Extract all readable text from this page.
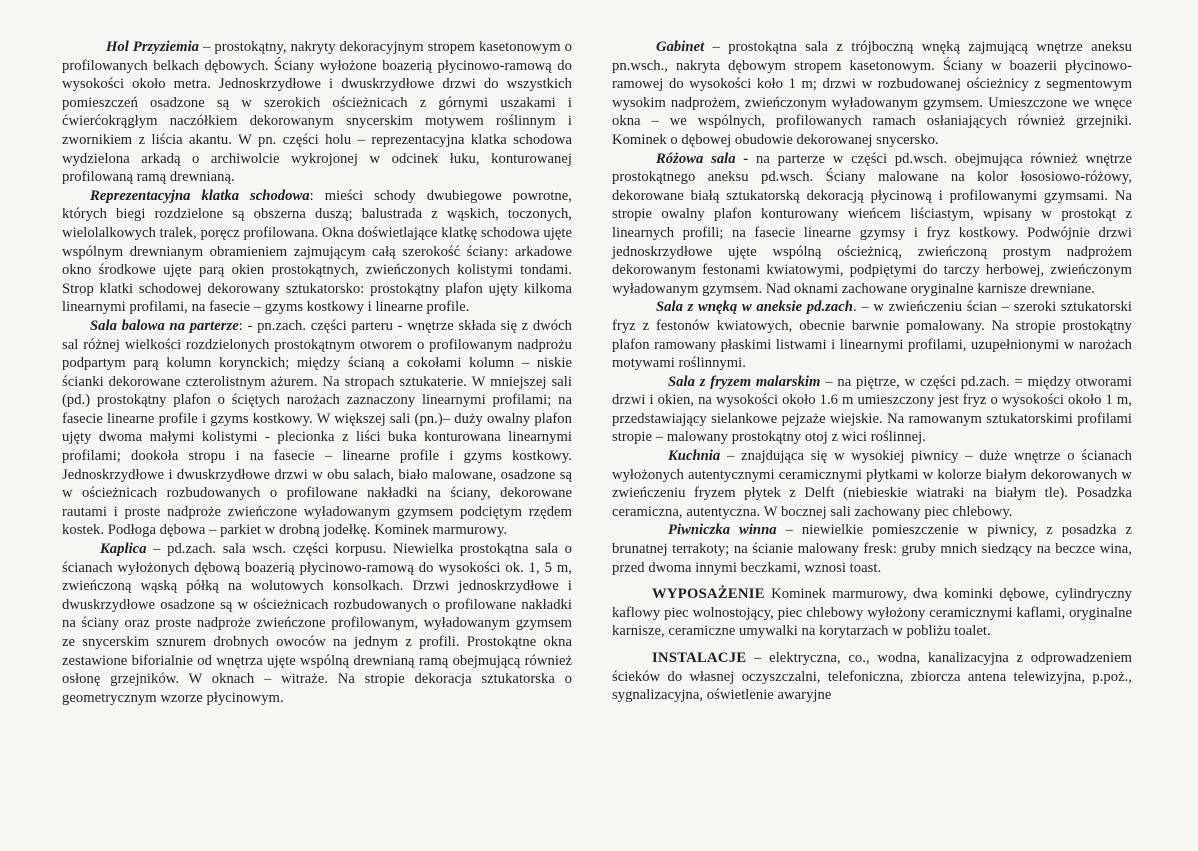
Hol Przyziemia – prostokątny, nakryty dekoracyjnym stropem kasetonowym o profilowanych belkach dębowych. Ściany wyłożone boazerią płycinowo-ramową do wysokości około metra. Jednoskrzydłowe i dwuskrzydłowe drzwi do wszystkich pomieszczeń osadzone są w szerokich ościeżnicach z górnymi uszakami i ćwierćokrągłym naczółkiem dekorowanym snycerskim motywem roślinnym i zwornikiem z liścia akantu. W pn. części holu – reprezentacyjna klatka schodowa wydzielona arkadą o archiwolcie wykrojonej w odcinek łuku, konturowanej profilowaną ramą drewnianą.

Reprezentacyjna klatka schodowa: mieści schody dwubiegowe powrotne, których biegi rozdzielone są obszerna duszą; balustrada z wąskich, toczonych, wielolalkowych tralek, poręcz profilowana. Okna doświetlające klatkę schodowa ujęte wspólnym drewnianym obramieniem zajmującym całą szerokość ściany: arkadowe okno środkowe ujęte parą okien prostokątnych, zwieńczonych kolistymi tondami. Strop klatki schodowej dekorowany sztukatorsko: prostokątny plafon ujęty kilkoma linearnymi profilami, na fasecie – gzyms kostkowy i linearne profile.

Sala balowa na parterze: - pn.zach. części parteru - wnętrze składa się z dwóch sal różnej wielkości rozdzielonych prostokątnym otworem o profilowanym nadprożu podpartym parą kolumn korynckich; między ścianą a cokołami kolumn – niskie ścianki dekorowane czterolistnym ażurem. Na stropach sztukaterie. W mniejszej sali (pd.) prostokątny plafon o ściętych narożach zaznaczony linearnymi profilami; na fasecie linearne profile i gzyms kostkowy. W większej sali (pn.)– duży owalny plafon ujęty dwoma małymi kolistymi - plecionka z liści buka konturowana linearnymi profilami; dookoła stropu i na fasecie – linearne profile i gzyms kostkowy. Jednoskrzydłowe i dwuskrzydłowe drzwi w obu salach, biało malowane, osadzone są w ościeżnicach rozbudowanych o profilowane nakładki na ściany, dekorowane rautami i proste nadproże zwieńczone wyładowanym gzymsem podciętym rzędem kostek. Podłoga dębowa – parkiet w drobną jodełkę. Kominek marmurowy.

Kaplica – pd.zach. sala wsch. części korpusu. Niewielka prostokątna sala o ścianach wyłożonych dębową boazerią płycinowo-ramową do wysokości ok. 1, 5 m, zwieńczoną wąską półką na wolutowych konsolkach. Drzwi jednoskrzydłowe i dwuskrzydłowe osadzone są w ościeżnicach rozbudowanych o profilowane nakładki na ściany oraz proste nadproże zwieńczone profilowanym, wyładowanym gzymsem ze snycerskim sznurem drobnych owoców na jednym z profili. Prostokątne okna zestawione biforialnie od wnętrza ujęte wspólną drewnianą ramą obejmującą również osłonę grzejników. W oknach – witraże. Na stropie dekoracja sztukatorska o geometrycznym wzorze płycinowym.

Gabinet – prostokątna sala z trójboczną wnęką zajmującą wnętrze aneksu pn.wsch., nakryta dębowym stropem kasetonowym. Ściany w boazerii płycinowo-ramowej do wysokości koło 1 m; drzwi w rozbudowanej ościeżnicy z segmentowym wysokim nadprożem, zwieńczonym wyładowanym gzymsem. Umieszczone we wnęce okna – we wspólnych, profilowanych ramach osłaniających również grzejniki. Kominek o dębowej obudowie dekorowanej snycersko.

Różowa sala - na parterze w części pd.wsch. obejmująca również wnętrze prostokątnego aneksu pd.wsch. Ściany malowane na kolor łososiowo-różowy, dekorowane białą sztukatorską dekoracją płycinową i profilowanymi gzymsami. Na stropie owalny plafon konturowany wieńcem liściastym, wpisany w prostokąt z linearnych profili; na fasecie linearne gzymsy i fryz kostkowy. Podwójnie drzwi jednoskrzydłowe ujęte wspólną ościeżnicą, zwieńczoną prostym nadprożem dekorowanym festonami kwiatowymi, podpiętymi do tarczy herbowej, zwieńczonym wyładowanym gzymsem. Nad oknami zachowane oryginalne karnisze drewniane.

Sala z wnęką w aneksie pd.zach. – w zwieńczeniu ścian – szeroki sztukatorski fryz z festonów kwiatowych, obecnie barwnie pomalowany. Na stropie prostokątny plafon ramowany płaskimi listwami i linearnymi profilami, uzupełnionymi w narożach motywami roślinnymi.

Sala z fryzem malarskim – na piętrze, w części pd.zach. = między otworami drzwi i okien, na wysokości około 1.6 m umieszczony jest fryz o wysokości około 1 m, przedstawiający sielankowe pejzaże wiejskie. Na ramowanym sztukatorskimi profilami stropie – malowany prostokątny otoj z wici roślinnej.

Kuchnia – znajdująca się w wysokiej piwnicy – duże wnętrze o ścianach wyłożonych autentycznymi ceramicznymi płytkami w kolorze białym dekorowanych w zwieńczeniu fryzem płytek z Delft (niebieskie wiatraki na białym tle). Posadzka ceramiczna, autentyczna. W bocznej sali zachowany piec chlebowy.

Piwniczka winna – niewielkie pomieszczenie w piwnicy, z posadzka z brunatnej terrakoty; na ścianie malowany fresk: gruby mnich siedzący na beczce wina, przed dwoma innymi beczkami, wznosi toast.

WYPOSAŻENIE Kominek marmurowy, dwa kominki dębowe, cylindryczny kaflowy piec wolnostojący, piec chlebowy wyłożony ceramicznymi kaflami, oryginalne karnisze, ceramiczne umywalki na korytarzach w pobliżu toalet.

INSTALACJE – elektryczna, co., wodna, kanalizacyjna z odprowadzeniem ścieków do własnej oczyszczalni, telefoniczna, zbiorcza antena telewizyjna, p.poż., sygnalizacyjna, oświetlenie awaryjne
